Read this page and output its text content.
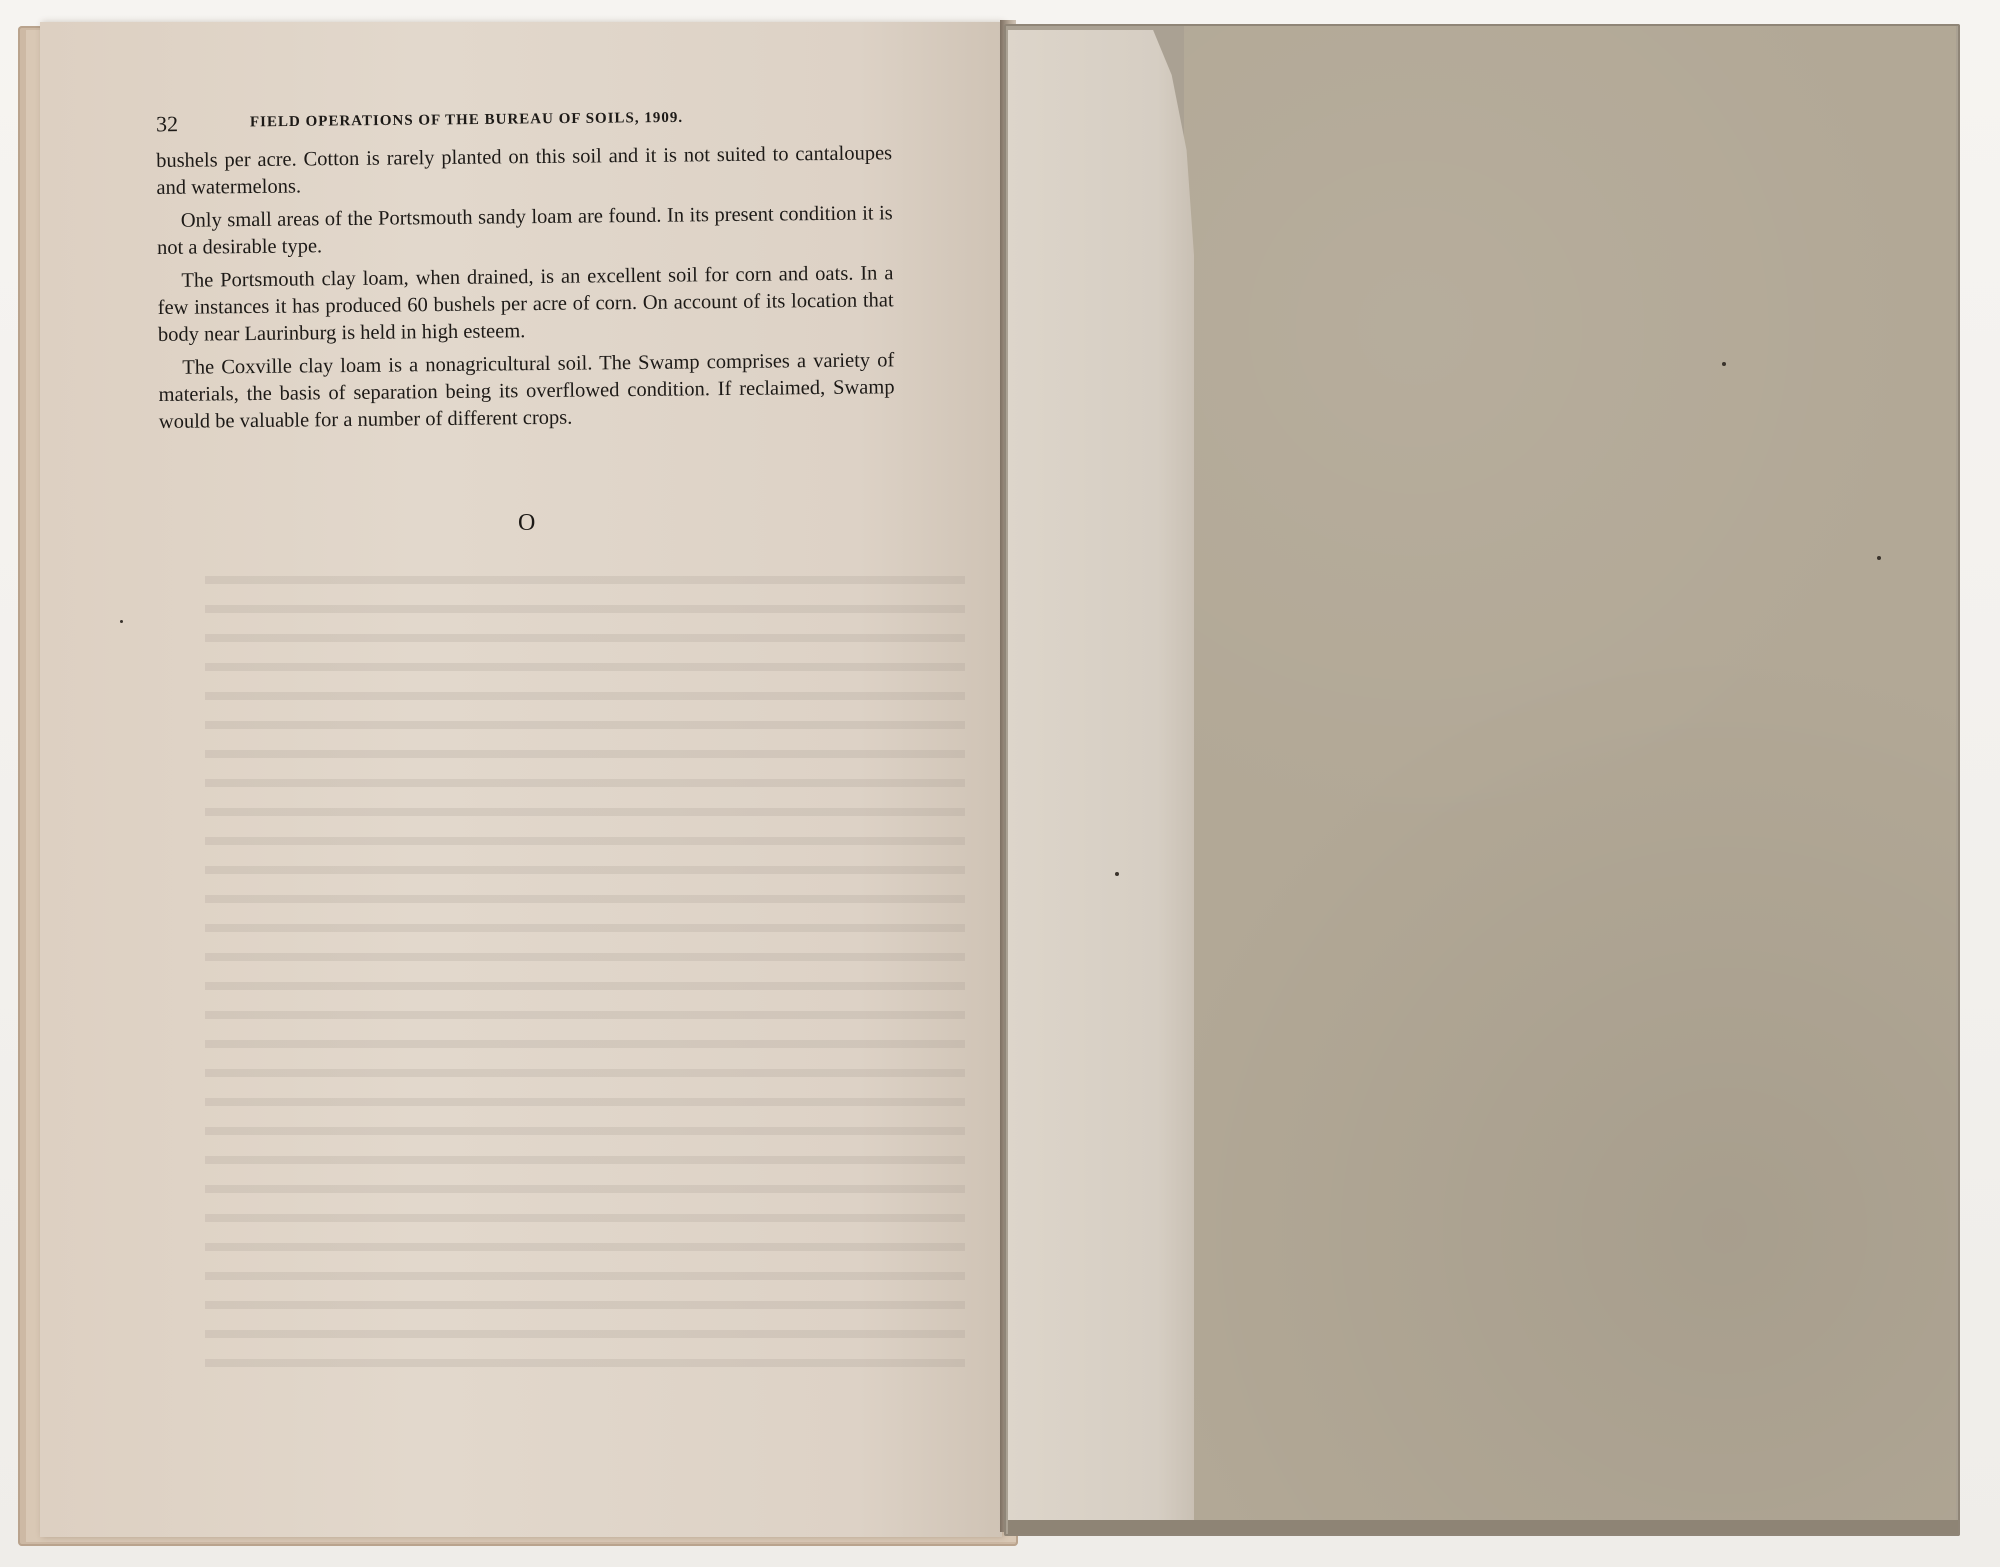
32	FIELD OPERATIONS OF THE BUREAU OF SOILS, 1909.

bushels per acre. Cotton is rarely planted on this soil and it is not suited to cantaloupes and watermelons.

Only small areas of the Portsmouth sandy loam are found. In its present condition it is not a desirable type.

The Portsmouth clay loam, when drained, is an excellent soil for corn and oats. In a few instances it has produced 60 bushels per acre of corn. On account of its location that body near Laurinburg is held in high esteem.

The Coxville clay loam is a nonagricultural soil. The Swamp comprises a variety of materials, the basis of separation being its overflowed condition. If reclaimed, Swamp would be valuable for a number of different crops.

O
